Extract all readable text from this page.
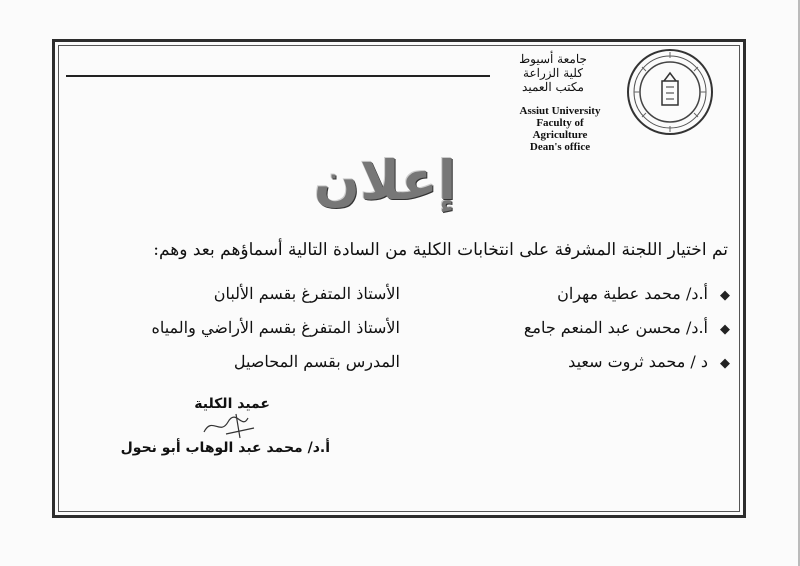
جامعة أسيوط
كلية الزراعة
مكتب العميد
Assiut University
Faculty of Agriculture
Dean's office
إعلان
تم اختيار اللجنة المشرفة على انتخابات الكلية من السادة التالية أسماؤهم بعد وهم:
◆
أ.د/ محمد عطية مهران
الأستاذ المتفرغ بقسم الألبان
◆
أ.د/ محسن عبد المنعم جامع
الأستاذ المتفرغ بقسم الأراضي والمياه
◆
د / محمد ثروت سعيد
المدرس بقسم المحاصيل
عميد الكلية
أ.د/ محمد عبد الوهاب أبو نحول
